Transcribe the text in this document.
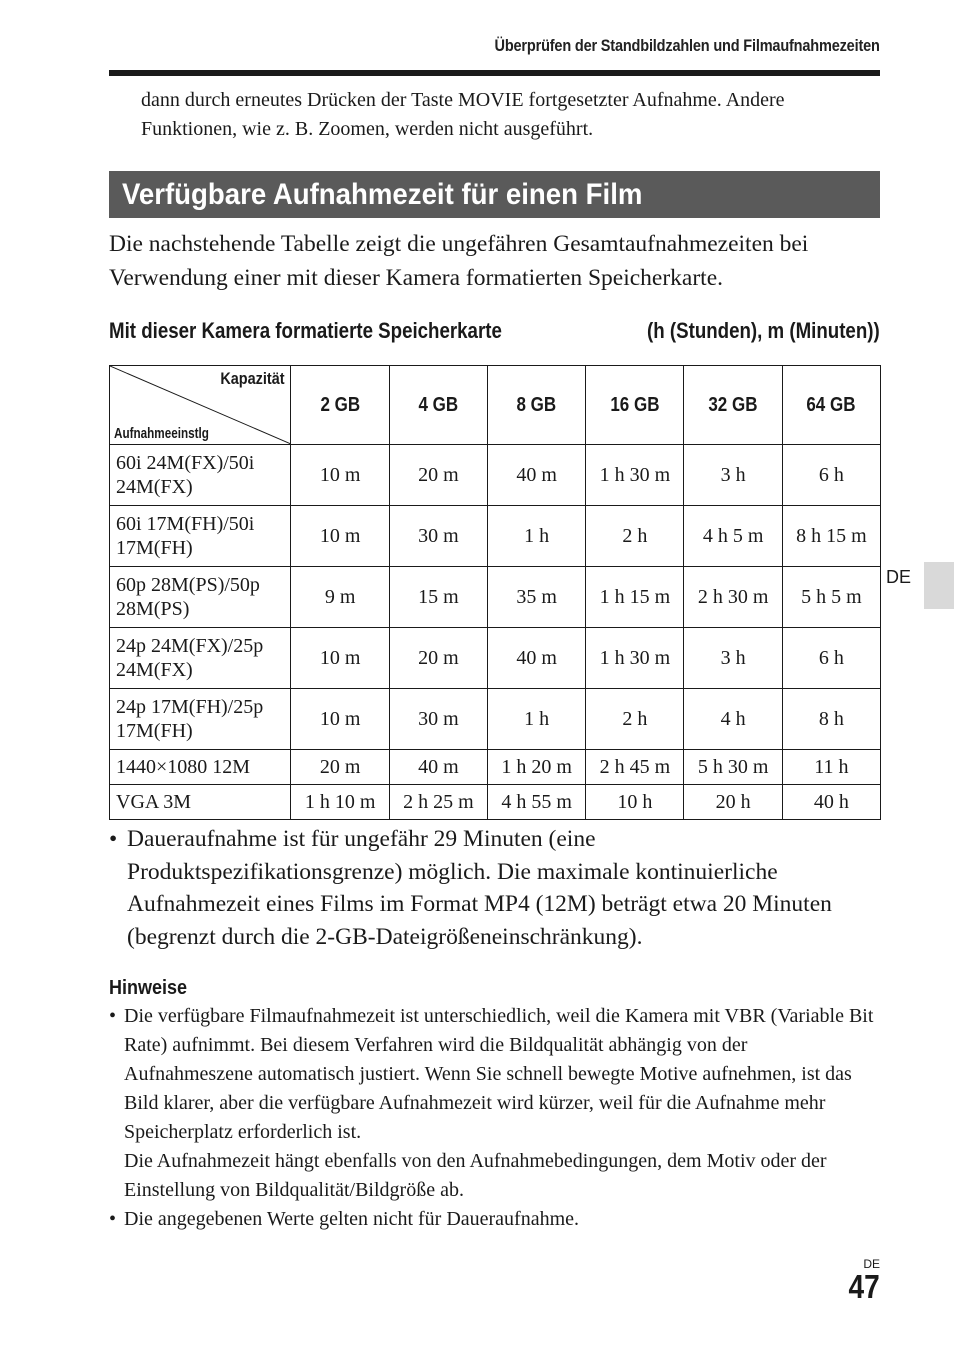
Überprüfen der Standbildzahlen und Filmaufnahmezeiten
dann durch erneutes Drücken der Taste MOVIE fortgesetzter Aufnahme. Andere Funktionen, wie z. B. Zoomen, werden nicht ausgeführt.
Verfügbare Aufnahmezeit für einen Film
Die nachstehende Tabelle zeigt die ungefähren Gesamtaufnahmezeiten bei Verwendung einer mit dieser Kamera formatierten Speicherkarte.
Mit dieser Kamera formatierte Speicherkarte	(h (Stunden), m (Minuten))
Kapazität
Aufnahmeeinstlg	2 GB	4 GB	8 GB	16 GB	32 GB	64 GB
60i 24M(FX)/50i 24M(FX)	10 m	20 m	40 m	1 h 30 m	3 h	6 h
60i 17M(FH)/50i 17M(FH)	10 m	30 m	1 h	2 h	4 h 5 m	8 h 15 m
60p 28M(PS)/50p 28M(PS)	9 m	15 m	35 m	1 h 15 m	2 h 30 m	5 h 5 m
24p 24M(FX)/25p 24M(FX)	10 m	20 m	40 m	1 h 30 m	3 h	6 h
24p 17M(FH)/25p 17M(FH)	10 m	30 m	1 h	2 h	4 h	8 h
1440×1080 12M	20 m	40 m	1 h 20 m	2 h 45 m	5 h 30 m	11 h
VGA 3M	1 h 10 m	2 h 25 m	4 h 55 m	10 h	20 h	40 h
• Daueraufnahme ist für ungefähr 29 Minuten (eine Produktspezifikationsgrenze) möglich. Die maximale kontinuierliche Aufnahmezeit eines Films im Format MP4 (12M) beträgt etwa 20 Minuten (begrenzt durch die 2-GB-Dateigrößeneinschränkung).
Hinweise
• Die verfügbare Filmaufnahmezeit ist unterschiedlich, weil die Kamera mit VBR (Variable Bit Rate) aufnimmt. Bei diesem Verfahren wird die Bildqualität abhängig von der Aufnahmeszene automatisch justiert. Wenn Sie schnell bewegte Motive aufnehmen, ist das Bild klarer, aber die verfügbare Aufnahmezeit wird kürzer, weil für die Aufnahme mehr Speicherplatz erforderlich ist.
Die Aufnahmezeit hängt ebenfalls von den Aufnahmebedingungen, dem Motiv oder der Einstellung von Bildqualität/Bildgröße ab.
• Die angegebenen Werte gelten nicht für Daueraufnahme.
DE
DE
47
